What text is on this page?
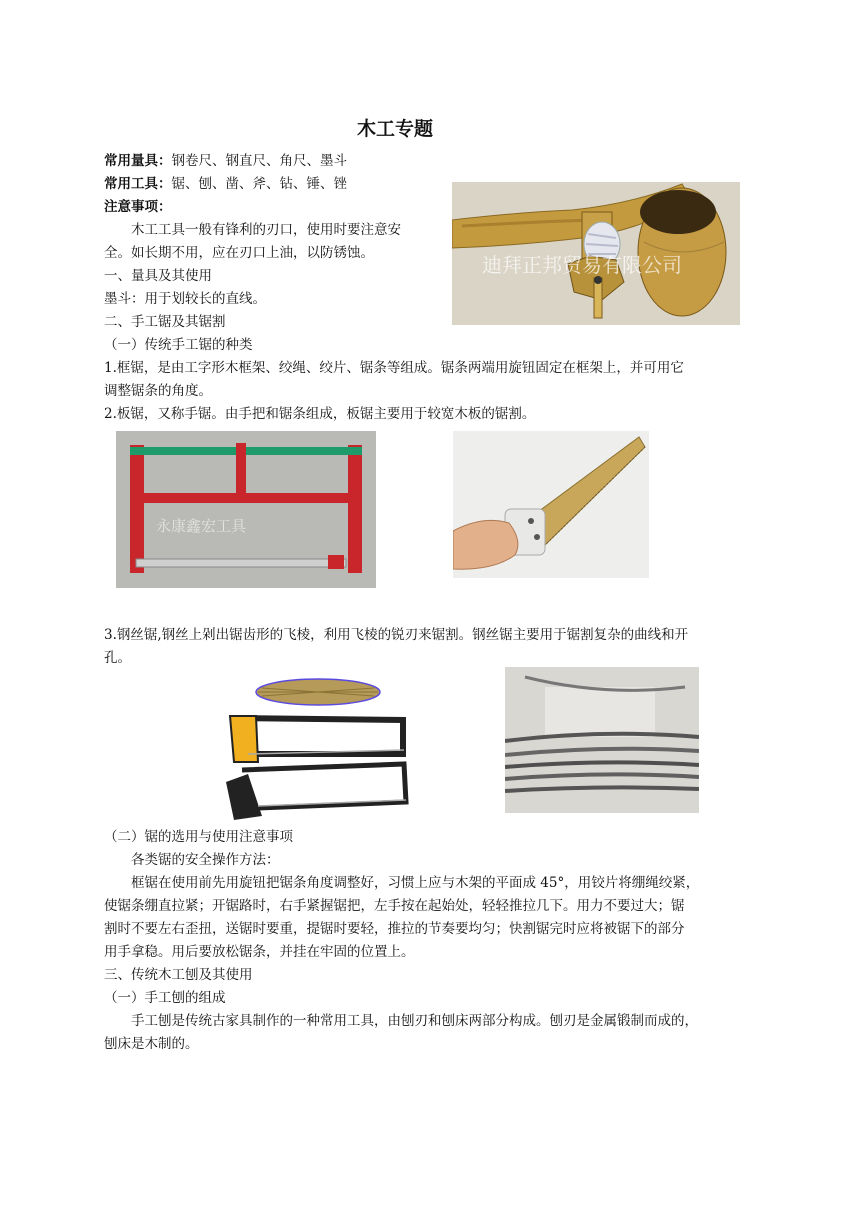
木工专题
常用量具：钢卷尺、钢直尺、角尺、墨斗
常用工具：锯、刨、凿、斧、钻、锤、锉
注意事项：
木工工具一般有锋利的刃口，使用时要注意安
全。如长期不用，应在刃口上油，以防锈蚀。
一、量具及其使用
墨斗：用于划较长的直线。
二、手工锯及其锯割
（一）传统手工锯的种类
1.框锯，是由工字形木框架、绞绳、绞片、锯条等组成。锯条两端用旋钮固定在框架上，并可用它
调整锯条的角度。
2.板锯，又称手锯。由手把和锯条组成，板锯主要用于较宽木板的锯割。
迪拜正邦贸易有限公司
永康鑫宏工具
3.钢丝锯,钢丝上剁出锯齿形的飞棱，利用飞棱的锐刃来锯割。钢丝锯主要用于锯割复杂的曲线和开
孔。
（二）锯的选用与使用注意事项
各类锯的安全操作方法：
框锯在使用前先用旋钮把锯条角度调整好，习惯上应与木架的平面成 45°，用铰片将绷绳绞紧，
使锯条绷直拉紧；开锯路时，右手紧握锯把，左手按在起始处，轻轻推拉几下。用力不要过大；锯
割时不要左右歪扭，送锯时要重，提锯时要轻，推拉的节奏要均匀；快割锯完时应将被锯下的部分
用手拿稳。用后要放松锯条，并挂在牢固的位置上。
三、传统木工刨及其使用
（一）手工刨的组成
手工刨是传统古家具制作的一种常用工具，由刨刃和刨床两部分构成。刨刃是金属锻制而成的，
刨床是木制的。
